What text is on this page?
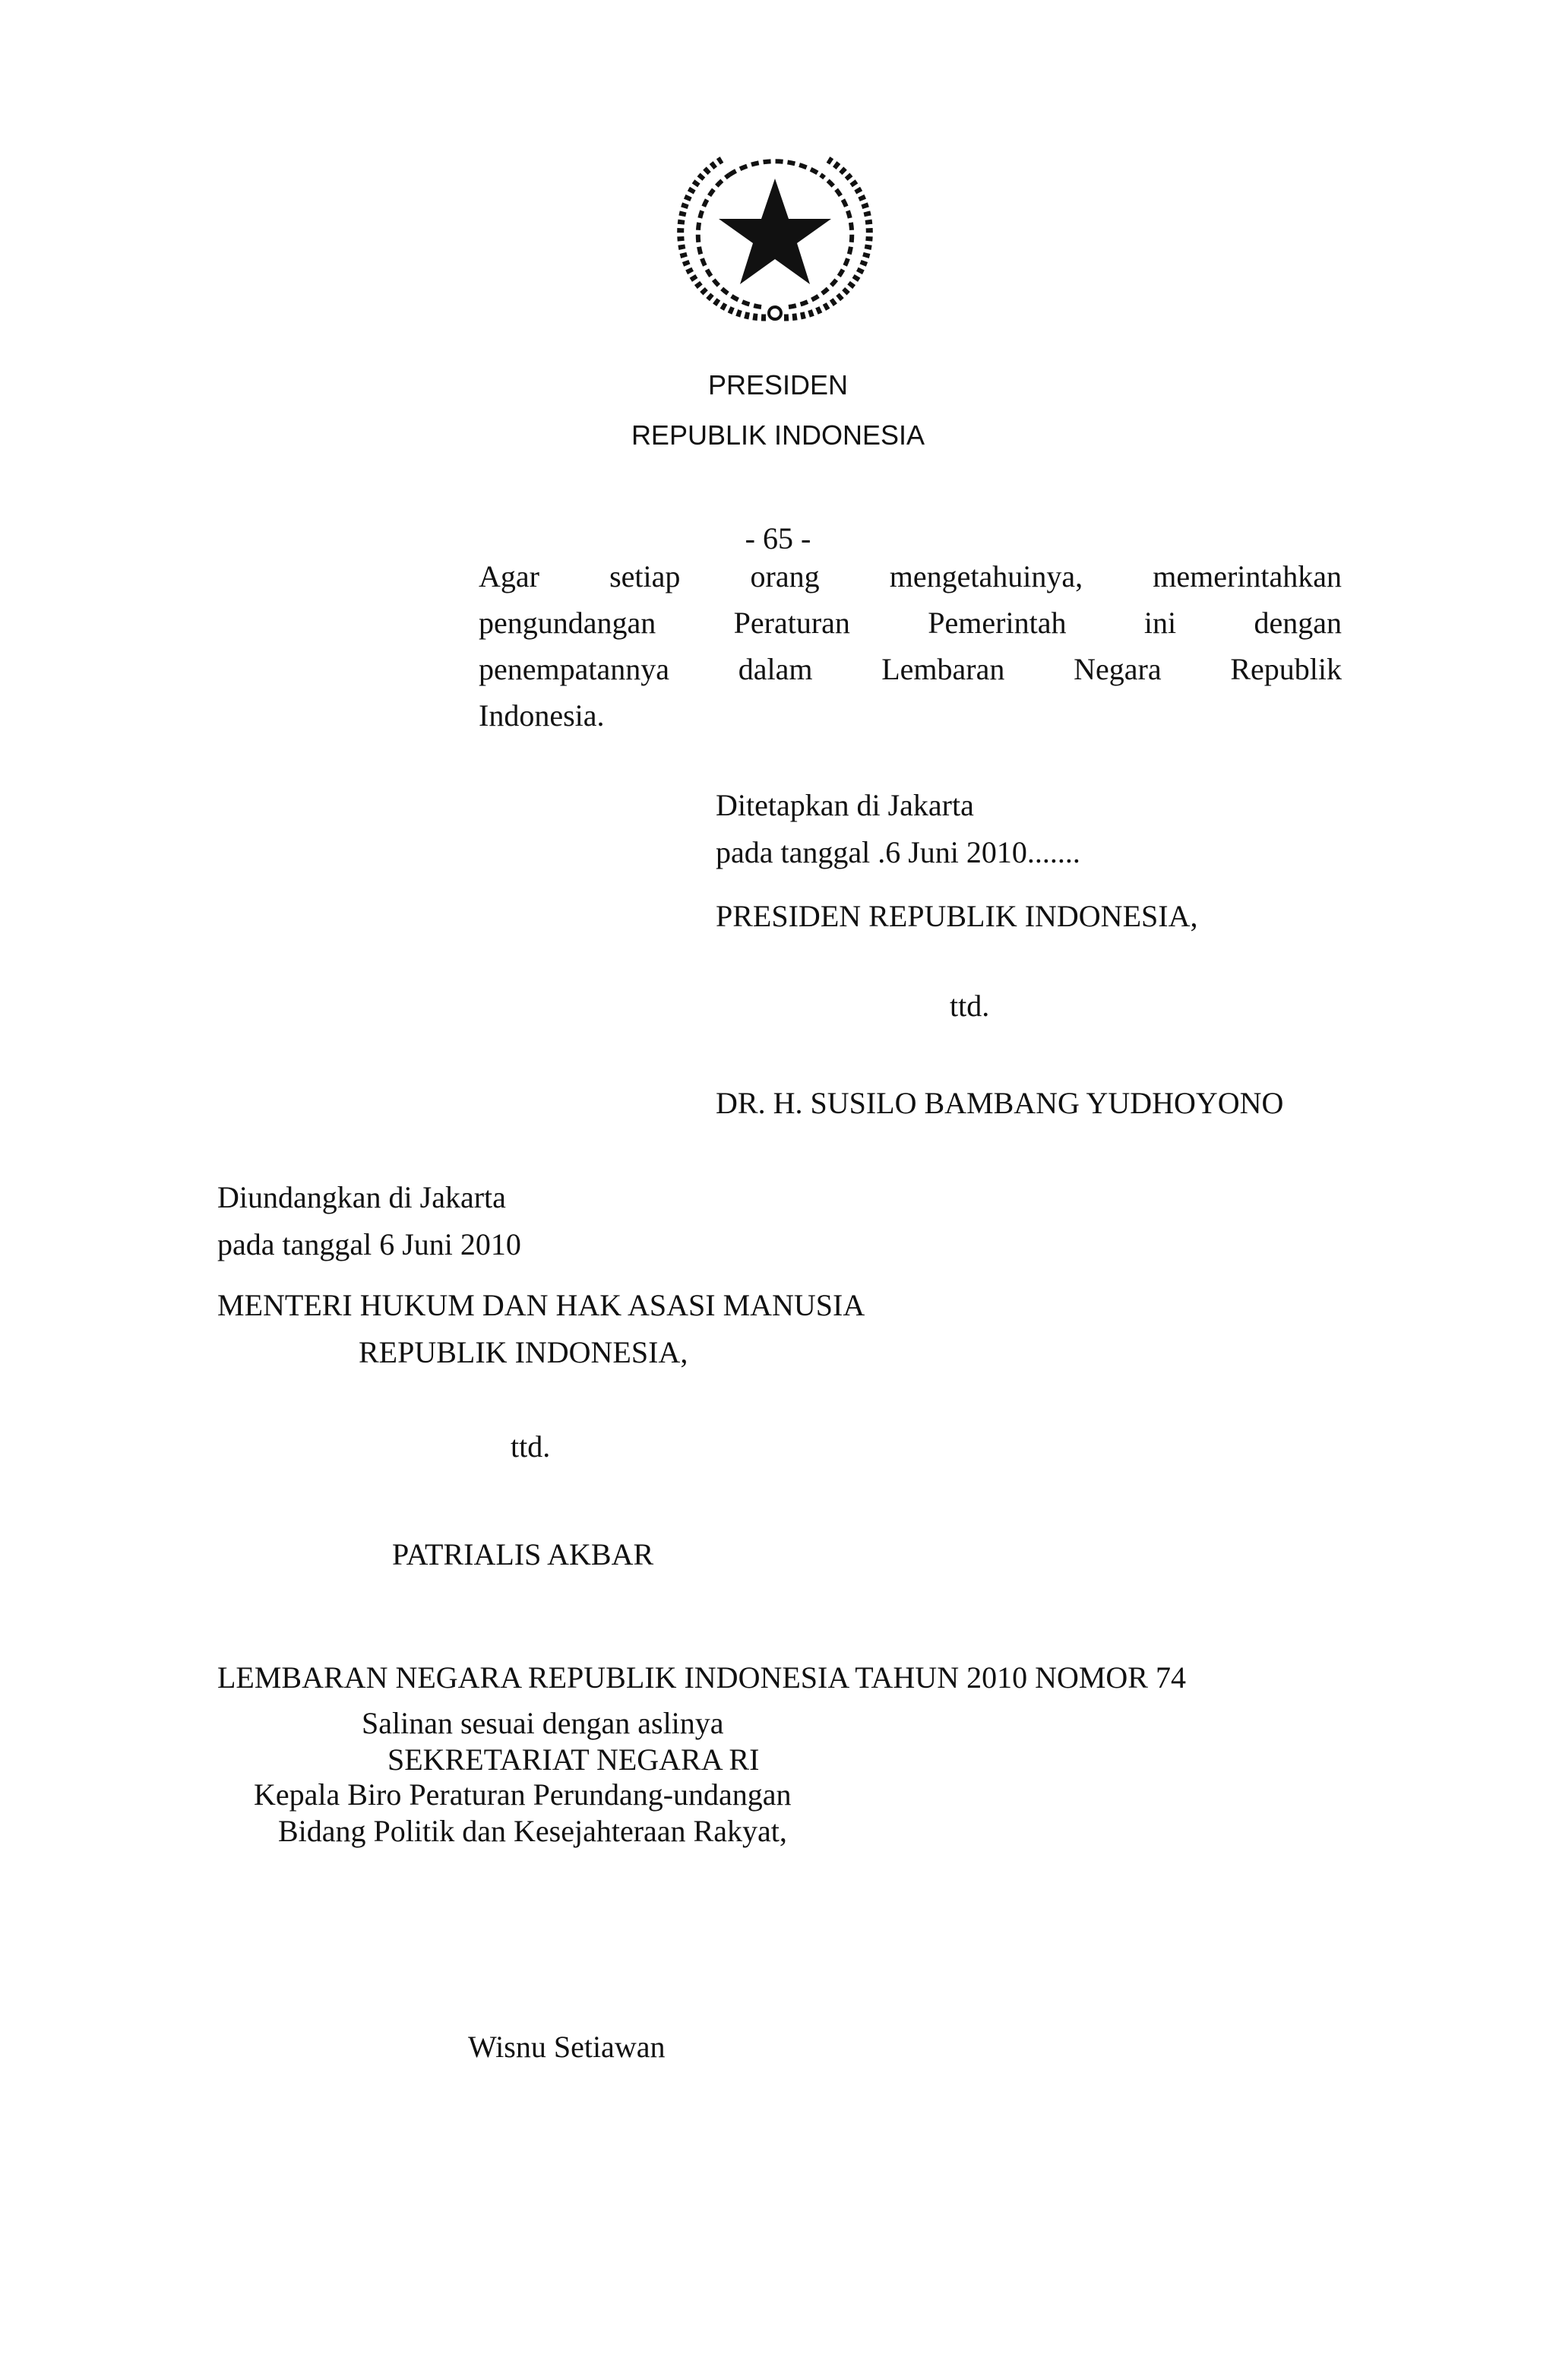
PRESIDEN
REPUBLIK INDONESIA
- 65 -
Agar setiap orang mengetahuinya, memerintahkan
pengundangan Peraturan Pemerintah ini dengan
penempatannya dalam Lembaran Negara Republik
Indonesia.
Ditetapkan di Jakarta
pada tanggal .6 Juni 2010.......
PRESIDEN REPUBLIK INDONESIA,
ttd.
DR. H. SUSILO BAMBANG YUDHOYONO
Diundangkan di Jakarta
pada tanggal 6 Juni 2010
MENTERI HUKUM DAN HAK ASASI MANUSIA
REPUBLIK INDONESIA,
ttd.
PATRIALIS AKBAR
LEMBARAN NEGARA REPUBLIK INDONESIA TAHUN 2010 NOMOR 74
Salinan sesuai dengan aslinya
SEKRETARIAT NEGARA RI
Kepala Biro Peraturan Perundang-undangan
Bidang Politik dan Kesejahteraan Rakyat,
Wisnu Setiawan
